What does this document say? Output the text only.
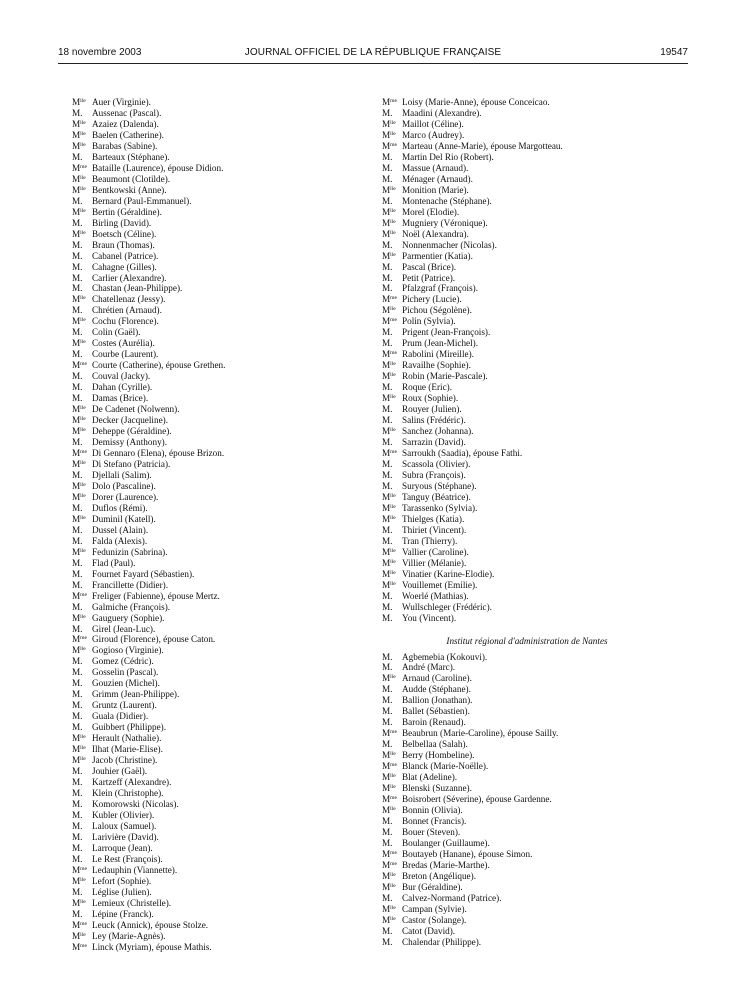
18 novembre 2003	JOURNAL OFFICIEL DE LA RÉPUBLIQUE FRANÇAISE	19547
$M^{lle}$ Auer (Virginie).
M.	Aussenac (Pascal).
$M^{lle}$ Azaiez (Dalenda).
$M^{lle}$ Baelen (Catherine).
$M^{lle}$ Barabas (Sabine).
M.	Barteaux (Stéphane).
$M^{me}$ Bataille (Laurence), épouse Didion.
$M^{lle}$ Beaumont (Clotilde).
$M^{lle}$ Bentkowski (Anne).
M.	Bernard (Paul-Emmanuel).
$M^{lle}$ Bertin (Géraldine).
M.	Birling (David).
$M^{lle}$ Boetsch (Céline).
M.	Braun (Thomas).
M.	Cabanel (Patrice).
M.	Cahagne (Gilles).
M.	Carlier (Alexandre).
M.	Chastan (Jean-Philippe).
$M^{lle}$ Chatellenaz (Jessy).
M.	Chrétien (Arnaud).
$M^{lle}$ Cochu (Florence).
M.	Colin (Gaël).
$M^{lle}$ Costes (Aurélia).
M.	Courbe (Laurent).
$M^{me}$ Courte (Catherine), épouse Grethen.
M.	Couval (Jacky).
M.	Dahan (Cyrille).
M.	Damas (Brice).
$M^{lle}$ De Cadenet (Nolwenn).
$M^{lle}$ Decker (Jacqueline).
$M^{lle}$ Deheppe (Géraldine).
M.	Demissy (Anthony).
$M^{me}$ Di Gennaro (Elena), épouse Brizon.
$M^{lle}$ Di Stefano (Patricia).
M.	Djellali (Salim).
$M^{lle}$ Dolo (Pascaline).
$M^{lle}$ Dorer (Laurence).
M.	Duflos (Rémi).
$M^{lle}$ Duminil (Katell).
M.	Dussel (Alain).
M.	Falda (Alexis).
$M^{lle}$ Fedunizin (Sabrina).
M.	Flad (Paul).
M.	Fournet Fayard (Sébastien).
M.	Francillette (Didier).
$M^{me}$ Freliger (Fabienne), épouse Mertz.
M.	Galmiche (François).
$M^{lle}$ Gauguery (Sophie).
M.	Girel (Jean-Luc).
$M^{me}$ Giroud (Florence), épouse Caton.
$M^{lle}$ Gogioso (Virginie).
M.	Gomez (Cédric).
M.	Gosselin (Pascal).
M.	Gouzien (Michel).
M.	Grimm (Jean-Philippe).
M.	Gruntz (Laurent).
M.	Guala (Didier).
M.	Guibbert (Philippe).
$M^{lle}$ Herault (Nathalie).
$M^{lle}$ Ilhat (Marie-Elise).
$M^{lle}$ Jacob (Christine).
M.	Jouhier (Gaël).
M.	Kartzeff (Alexandre).
M.	Klein (Christophe).
M.	Komorowski (Nicolas).
M.	Kubler (Olivier).
M.	Laloux (Samuel).
M.	Larivière (David).
M.	Larroque (Jean).
M.	Le Rest (François).
$M^{me}$ Ledauphin (Viannette).
$M^{lle}$ Lefort (Sophie).
M.	Léglise (Julien).
$M^{lle}$ Lemieux (Christelle).
M.	Lépine (Franck).
$M^{me}$ Leuck (Annick), épouse Stolze.
$M^{lle}$ Ley (Marie-Agnès).
$M^{me}$ Linck (Myriam), épouse Mathis.
$M^{me}$ Loisy (Marie-Anne), épouse Conceicao.
M.	Maadini (Alexandre).
$M^{lle}$ Maillot (Céline).
$M^{lle}$ Marco (Audrey).
$M^{me}$ Marteau (Anne-Marie), épouse Margotteau.
M.	Martin Del Rio (Robert).
M.	Massue (Arnaud).
M.	Ménager (Arnaud).
$M^{lle}$ Monition (Marie).
M.	Montenache (Stéphane).
$M^{lle}$ Morel (Elodie).
$M^{lle}$ Mugniery (Véronique).
$M^{lle}$ Noël (Alexandra).
M.	Nonnenmacher (Nicolas).
$M^{lle}$ Parmentier (Katia).
M.	Pascal (Brice).
M.	Petit (Patrice).
M.	Pfalzgraf (François).
$M^{me}$ Pichery (Lucie).
$M^{lle}$ Pichou (Ségolène).
$M^{me}$ Polin (Sylvia).
M.	Prigent (Jean-François).
M.	Prum (Jean-Michel).
$M^{me}$ Rabolini (Mireille).
$M^{lle}$ Ravailhe (Sophie).
$M^{lle}$ Robin (Marie-Pascale).
M.	Roque (Eric).
$M^{lle}$ Roux (Sophie).
M.	Rouyer (Julien).
M.	Salins (Frédéric).
$M^{lle}$ Sanchez (Johanna).
M.	Sarrazin (David).
$M^{me}$ Sarroukh (Saadia), épouse Fathi.
M.	Scassola (Olivier).
M.	Subra (François).
M.	Suryous (Stéphane).
$M^{lle}$ Tanguy (Béatrice).
$M^{lle}$ Tarassenko (Sylvia).
$M^{lle}$ Thielges (Katia).
M.	Thiriet (Vincent).
M.	Tran (Thierry).
$M^{lle}$ Vallier (Caroline).
$M^{lle}$ Villier (Mélanie).
$M^{lle}$ Vinatier (Karine-Elodie).
$M^{lle}$ Vouillemet (Emilie).
M.	Woerlé (Mathias).
M.	Wullschleger (Frédéric).
M.	You (Vincent).
Institut régional d'administration de Nantes
M.	Agbemebia (Kokouvi).
M.	André (Marc).
$M^{lle}$ Arnaud (Caroline).
M.	Audde (Stéphane).
M.	Ballion (Jonathan).
M.	Ballet (Sébastien).
M.	Baroin (Renaud).
$M^{me}$ Beaubrun (Marie-Caroline), épouse Sailly.
M.	Belbellaa (Salah).
$M^{lle}$ Berry (Hombeline).
$M^{me}$ Blanck (Marie-Noëlle).
$M^{lle}$ Blat (Adeline).
$M^{lle}$ Blenski (Suzanne).
$M^{me}$ Boisrobert (Séverine), épouse Gardenne.
$M^{lle}$ Bonnin (Olivia).
M.	Bonnet (Francis).
M.	Bouer (Steven).
M.	Boulanger (Guillaume).
$M^{me}$ Boutayeb (Hanane), épouse Simon.
$M^{me}$ Bredas (Marie-Marthe).
$M^{lle}$ Breton (Angélique).
$M^{lle}$ Bur (Géraldine).
M.	Calvez-Normand (Patrice).
$M^{lle}$ Campan (Sylvie).
$M^{lle}$ Castor (Solange).
M.	Catot (David).
M.	Chalendar (Philippe).
